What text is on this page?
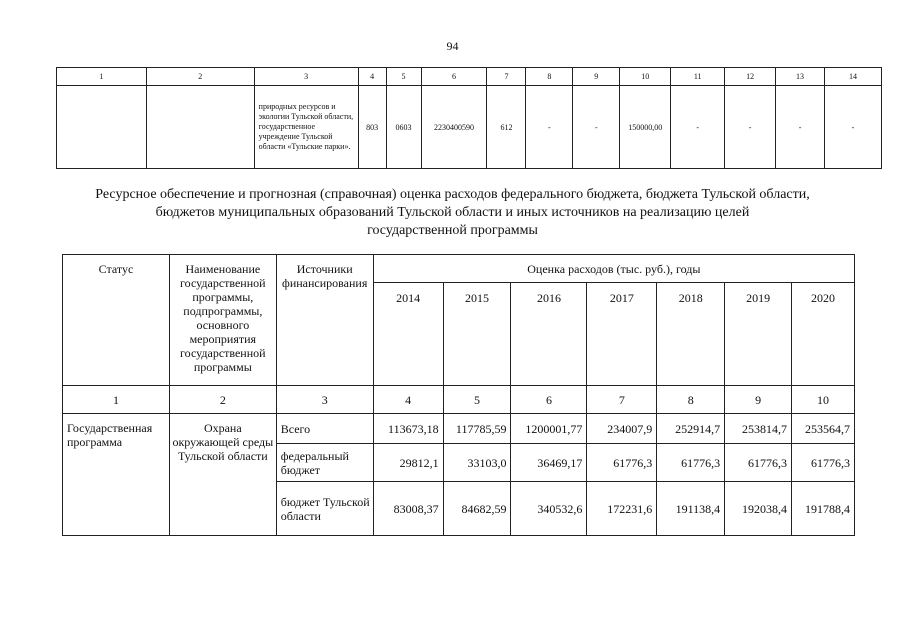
94
1	2	3	4	5	6	7	8	9	10	11	12	13	14
		природных ресурсов и экологии Тульской области, государственное учреждение Тульской области «Тульские парки».	803	0603	2230400590	612	-	-	150000,00	-	-	-	-
Ресурсное обеспечение и прогнозная (справочная) оценка расходов федерального бюджета, бюджета Тульской области,
бюджетов муниципальных образований Тульской области и иных источников на реализацию целей
государственной программы
Статус	Наименование государственной программы, подпрограммы, основного мероприятия государственной программы	Источники финансирования	Оценка расходов (тыс. руб.), годы						
			2014	2015	2016	2017	2018	2019	2020
1	2	3	4	5	6	7	8	9	10
Государственная программа	Охрана окружающей среды Тульской области	Всего	113673,18	117785,59	1200001,77	234007,9	252914,7	253814,7	253564,7
		федеральный бюджет	29812,1	33103,0	36469,17	61776,3	61776,3	61776,3	61776,3
		бюджет Тульской области	83008,37	84682,59	340532,6	172231,6	191138,4	192038,4	191788,4
